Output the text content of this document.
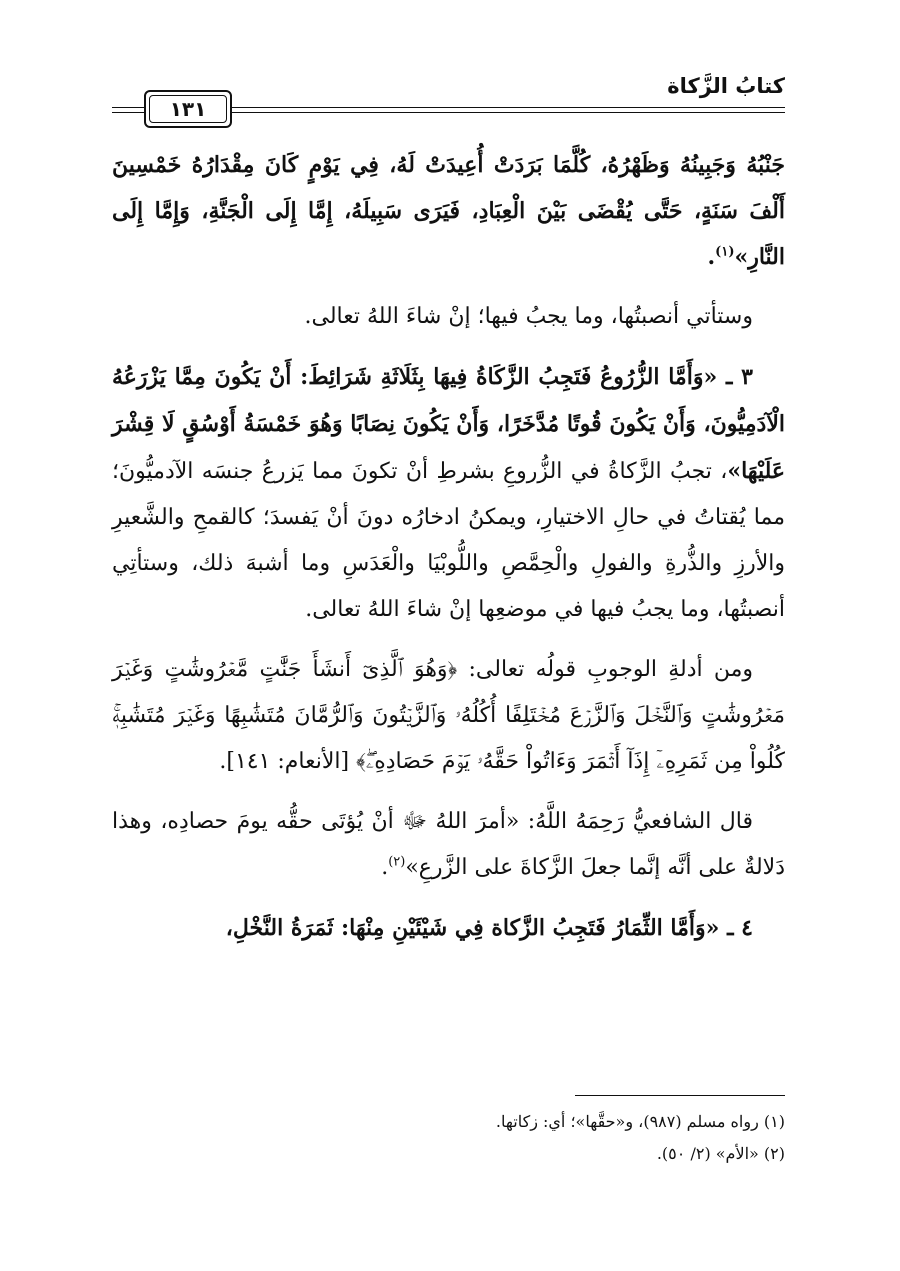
كتابُ الزَّكاة
١٣١

جَنْبُهُ وَجَبِينُهُ وَظَهْرُهُ، كُلَّمَا بَرَدَتْ أُعِيدَتْ لَهُ، فِي يَوْمٍ كَانَ مِقْدَارُهُ خَمْسِينَ أَلْفَ سَنَةٍ، حَتَّى يُقْضَى بَيْنَ الْعِبَادِ، فَيَرَى سَبِيلَهُ، إِمَّا إِلَى الْجَنَّةِ، وَإِمَّا إِلَى النَّارِ»$^{(١)}$.

وستأتي أنصبتُها، وما يجبُ فيها؛ إنْ شاءَ اللهُ تعالى.

٣ ـ «وَأَمَّا الزُّرُوعُ فَتَجِبُ الزَّكَاةُ فِيهَا بِثَلَاثَةِ شَرَائِطَ: أَنْ يَكُونَ مِمَّا يَزْرَعُهُ الْآدَمِيُّونَ، وَأَنْ يَكُونَ قُوتًا مُدَّخَرًا، وَأَنْ يَكُونَ نِصَابًا وَهُوَ خَمْسَةُ أَوْسُقٍ لَا قِشْرَ عَلَيْهَا»، تجبُ الزَّكاةُ في الزُّروعِ بشرطِ أنْ تكونَ مما يَزرعُ جنسَه الآدميُّونَ؛ مما يُقتاتُ في حالِ الاختيارِ، ويمكنُ ادخارُه دونَ أنْ يَفسدَ؛ كالقمحِ والشَّعيرِ والأرزِ والذُّرةِ والفولِ والْحِمَّصِ واللُّوبْيَا والْعَدَسِ وما أشبهَ ذلك، وستأتِي أنصبتُها، وما يجبُ فيها في موضعِها إنْ شاءَ اللهُ تعالى.

ومن أدلةِ الوجوبِ قولُه تعالى: ﴿وَهُوَ ٱلَّذِىٓ أَنشَأَ جَنَّٰتٍ مَّعۡرُوشَٰتٍ وَغَيۡرَ مَعۡرُوشَٰتٍ وَٱلنَّخۡلَ وَٱلزَّرۡعَ مُخۡتَلِفًا أُكُلُهُۥ وَٱلزَّيۡتُونَ وَٱلرُّمَّانَ مُتَشَٰبِهًا وَغَيۡرَ مُتَشَٰبِهٖۚ كُلُواْ مِن ثَمَرِهِۦٓ إِذَآ أَثۡمَرَ وَءَاتُواْ حَقَّهُۥ يَوۡمَ حَصَادِهِۦۖ﴾ [الأنعام: ١٤١].

قال الشافعيُّ رَحِمَهُ اللَّهُ: «أمرَ اللهُ ﷻ أنْ يُؤتَى حقُّه يومَ حصادِه، وهذا دَلالةٌ على أنَّه إنَّما جعلَ الزَّكاةَ على الزَّرعِ»$^{(٢)}$.

٤ ـ «وَأَمَّا الثِّمَارُ فَتَجِبُ الزَّكاة فِي شَيْئَيْنِ مِنْهَا: ثَمَرَةُ النَّخْلِ،

(١) رواه مسلم (٩٨٧)، و«حقَّها»؛ أي: زكاتها.

(٢) «الأم» (٢/ ٥٠).
